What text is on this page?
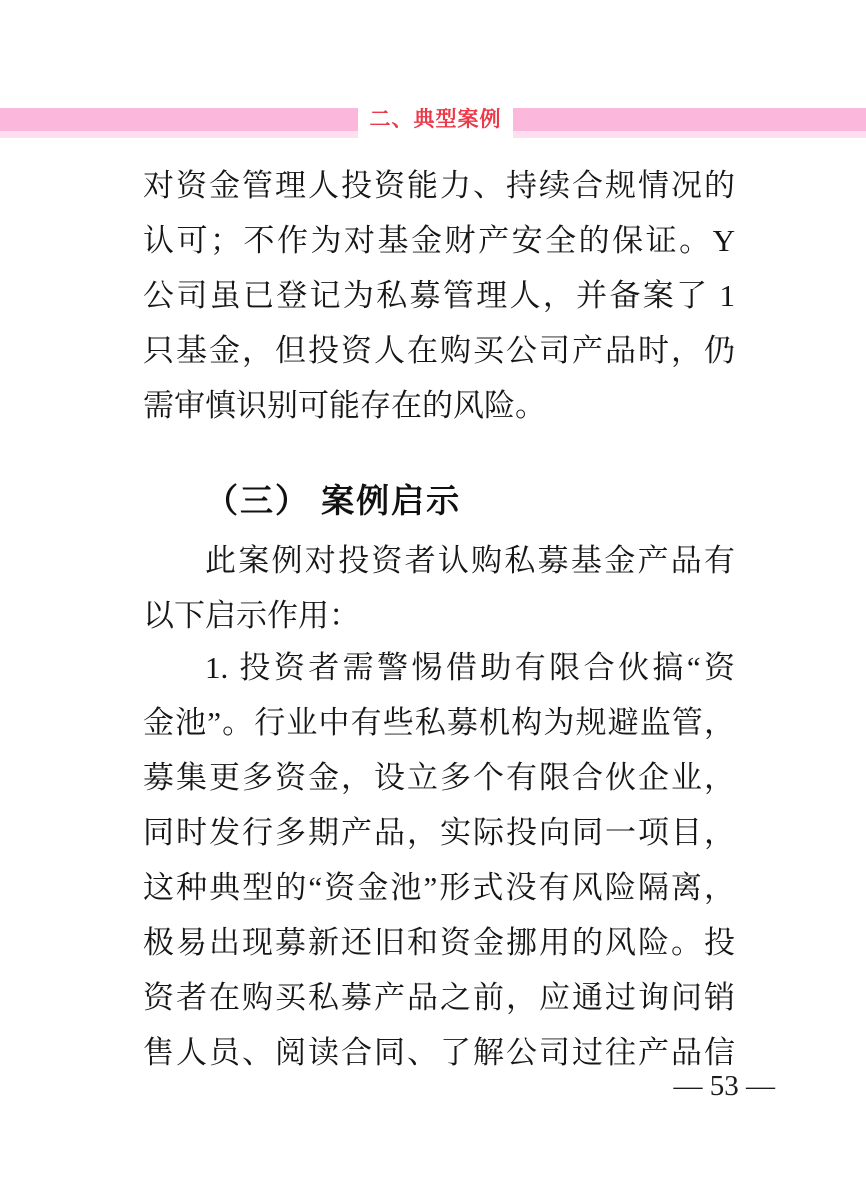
二、典型案例
对资金管理人投资能力、持续合规情况的
认可；不作为对基金财产安全的保证。Y
公司虽已登记为私募管理人，并备案了 1
只基金，但投资人在购买公司产品时，仍
需审慎识别可能存在的风险。
（三） 案例启示
此案例对投资者认购私募基金产品有
以下启示作用：
1. 投资者需警惕借助有限合伙搞“资
金池”。行业中有些私募机构为规避监管，
募集更多资金，设立多个有限合伙企业，
同时发行多期产品，实际投向同一项目，
这种典型的“资金池”形式没有风险隔离，
极易出现募新还旧和资金挪用的风险。投
资者在购买私募产品之前，应通过询问销
售人员、阅读合同、了解公司过往产品信
— 53 —
